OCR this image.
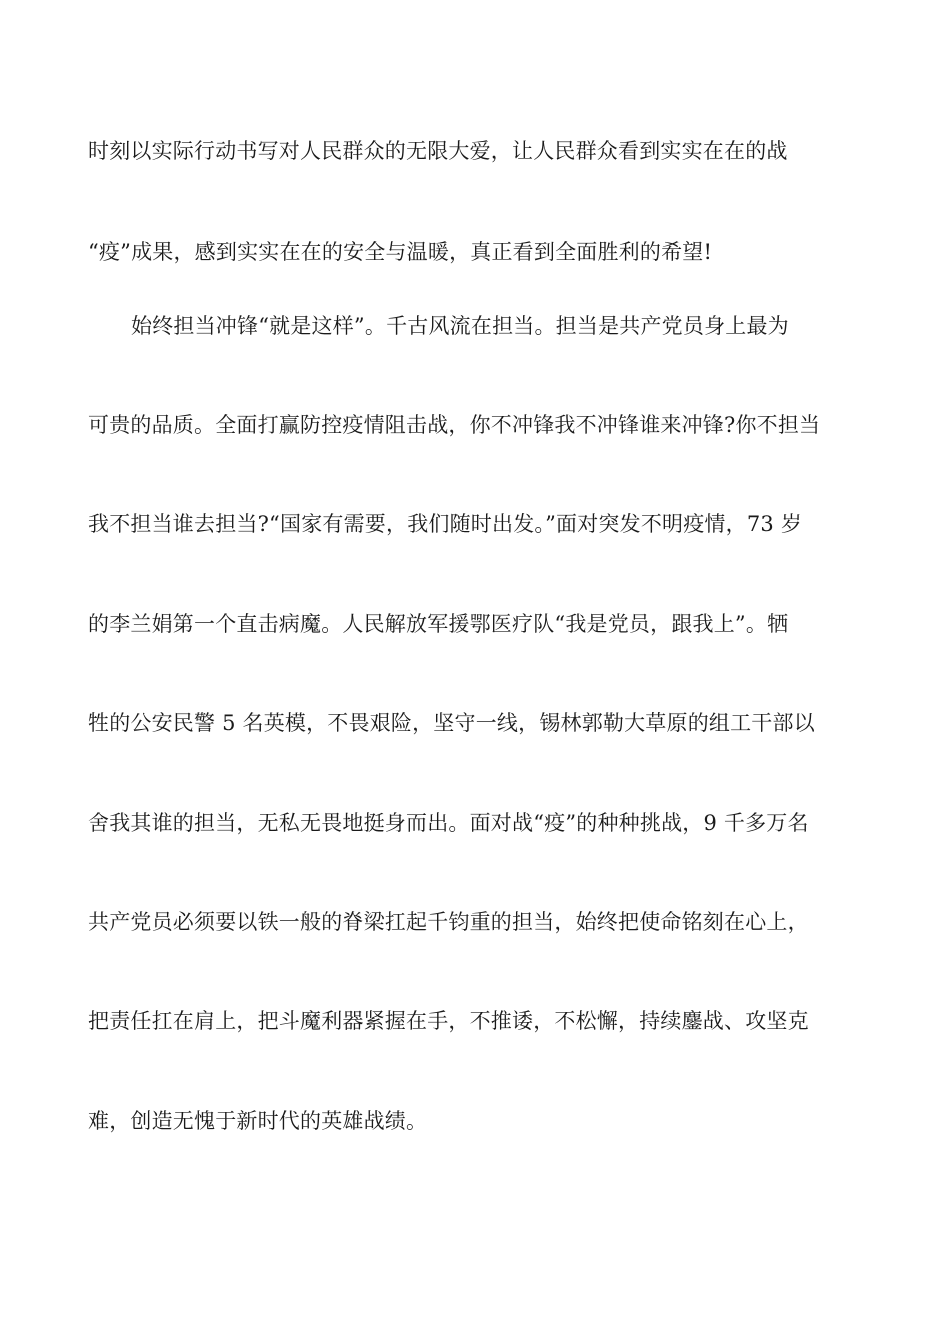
时刻以实际行动书写对人民群众的无限大爱，让人民群众看到实实在在的战
“疫”成果，感到实实在在的安全与温暖，真正看到全面胜利的希望!
始终担当冲锋“就是这样”。千古风流在担当。担当是共产党员身上最为
可贵的品质。全面打赢防控疫情阻击战，你不冲锋我不冲锋谁来冲锋?你不担当
我不担当谁去担当?“国家有需要，我们随时出发。”面对突发不明疫情，73 岁
的李兰娟第一个直击病魔。人民解放军援鄂医疗队“我是党员，跟我上”。牺
牲的公安民警 5 名英模，不畏艰险，坚守一线，锡林郭勒大草原的组工干部以
舍我其谁的担当，无私无畏地挺身而出。面对战“疫”的种种挑战，9 千多万名
共产党员必须要以铁一般的脊梁扛起千钧重的担当，始终把使命铭刻在心上，
把责任扛在肩上，把斗魔利器紧握在手，不推诿，不松懈，持续鏖战、攻坚克
难，创造无愧于新时代的英雄战绩。
